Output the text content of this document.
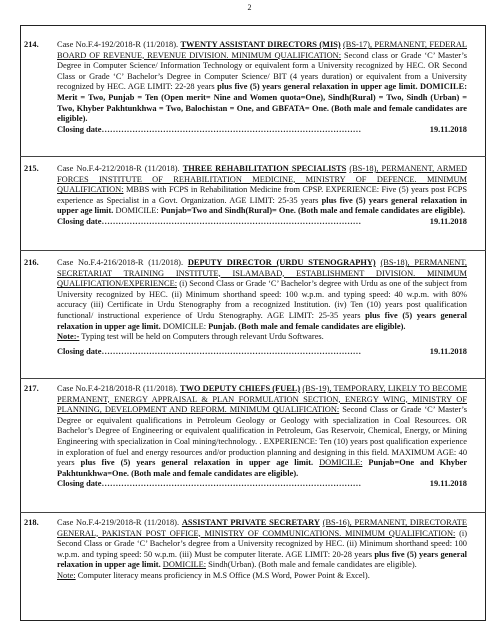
2
214.	Case No.F.4-192/2018-R (11/2018). TWENTY ASSISTANT DIRECTORS (MIS) (BS-17), PERMANENT, FEDERAL BOARD OF REVENUE, REVENUE DIVISION. MINIMUM QUALIFICATION: Second class or Grade ‘C’ Master’s Degree in Computer Science/ Information Technology or equivalent form a University recognized by HEC. OR Second Class or Grade ‘C’ Bachelor’s Degree in Computer Science/ BIT (4 years duration) or equivalent from a University recognized by HEC. AGE LIMIT: 22-28 years plus five (5) years general relaxation in upper age limit. DOMICILE: Merit = Two, Punjab = Ten (Open merit= Nine and Women quota=One), Sindh(Rural) = Two, Sindh (Urban) = Two, Khyber Pakhtunkhwa = Two, Balochistan = One, and GBFATA= One. (Both male and female candidates are eligible).
Closing date…………………………………………………………………………………	19.11.2018
215.	Case No.F.4-212/2018-R (11/2018). THREE REHABILITATION SPECIALISTS (BS-18), PERMANENT, ARMED FORCES INSTITUTE OF REHABILITATION MEDICINE, MINISTRY OF DEFENCE. MINIMUM QUALIFICATION: MBBS with FCPS in Rehabilitation Medicine from CPSP. EXPERIENCE: Five (5) years post FCPS experience as Specialist in a Govt. Organization. AGE LIMIT: 25-35 years plus five (5) years general relaxation in upper age limit. DOMICILE: Punjab=Two and Sindh(Rural)= One. (Both male and female candidates are eligible).
Closing date…………………………………………………………………………………	19.11.2018
216.	Case No.F.4-216/2018-R (11/2018). DEPUTY DIRECTOR (URDU STENOGRAPHY) (BS-18), PERMANENT, SECRETARIAT TRAINING INSTITUTE, ISLAMABAD, ESTABLISHMENT DIVISION. MINIMUM QUALIFICATION/EXPERIENCE: (i) Second Class or Grade ‘C’ Bachelor’s degree with Urdu as one of the subject from University recognized by HEC. (ii) Minimum shorthand speed: 100 w.p.m. and typing speed: 40 w.p.m. with 80% accuracy (iii) Certificate in Urdu Stenography from a recognized Institution. (iv) Ten (10) years post qualification functional/ instructional experience of Urdu Stenography. AGE LIMIT: 25-35 years plus five (5) years general relaxation in upper age limit. DOMICILE: Punjab. (Both male and female candidates are eligible).
Note:- Typing test will be held on Computers through relevant Urdu Softwares.
Closing date…………………………………………………………………………………	19.11.2018
217.	Case No.F.4-218/2018-R (11/2018). TWO DEPUTY CHIEFS (FUEL) (BS-19), TEMPORARY, LIKELY TO BECOME PERMANENT, ENERGY APPRAISAL & PLAN FORMULATION SECTION, ENERGY WING, MINISTRY OF PLANNING, DEVELOPMENT AND REFORM. MINIMUM QUALIFICATION: Second Class or Grade ‘C’ Master’s Degree or equivalent qualifications in Petroleum Geology or Geology with specialization in Coal Resources. OR Bachelor’s Degree of Engineering or equivalent qualification in Petroleum, Gas Reservoir, Chemical, Energy, or Mining Engineering with specialization in Coal mining/technology. . EXPERIENCE: Ten (10) years post qualification experience in exploration of fuel and energy resources and/or production planning and designing in this field. MAXIMUM AGE: 40 years plus five (5) years general relaxation in upper age limit. DOMICILE: Punjab=One and Khyber Pakhtunkhwa=One. (Both male and female candidates are eligible).
Closing date…………………………………………………………………………………	19.11.2018
218.	Case No.F.4-219/2018-R (11/2018). ASSISTANT PRIVATE SECRETARY (BS-16), PERMANENT, DIRECTORATE GENERAL, PAKISTAN POST OFFICE, MINISTRY OF COMMUNICATIONS. MINIMUM QUALIFICATION: (i) Second Class or Grade ‘C’ Bachelor’s degree from a University recognized by HEC. (ii) Minimum shorthand speed: 100 w.p.m. and typing speed: 50 w.p.m. (iii) Must be computer literate. AGE LIMIT: 20-28 years plus five (5) years general relaxation in upper age limit. DOMICILE: Sindh(Urban). (Both male and female candidates are eligible).
Note: Computer literacy means proficiency in M.S Office (M.S Word, Power Point & Excel).
